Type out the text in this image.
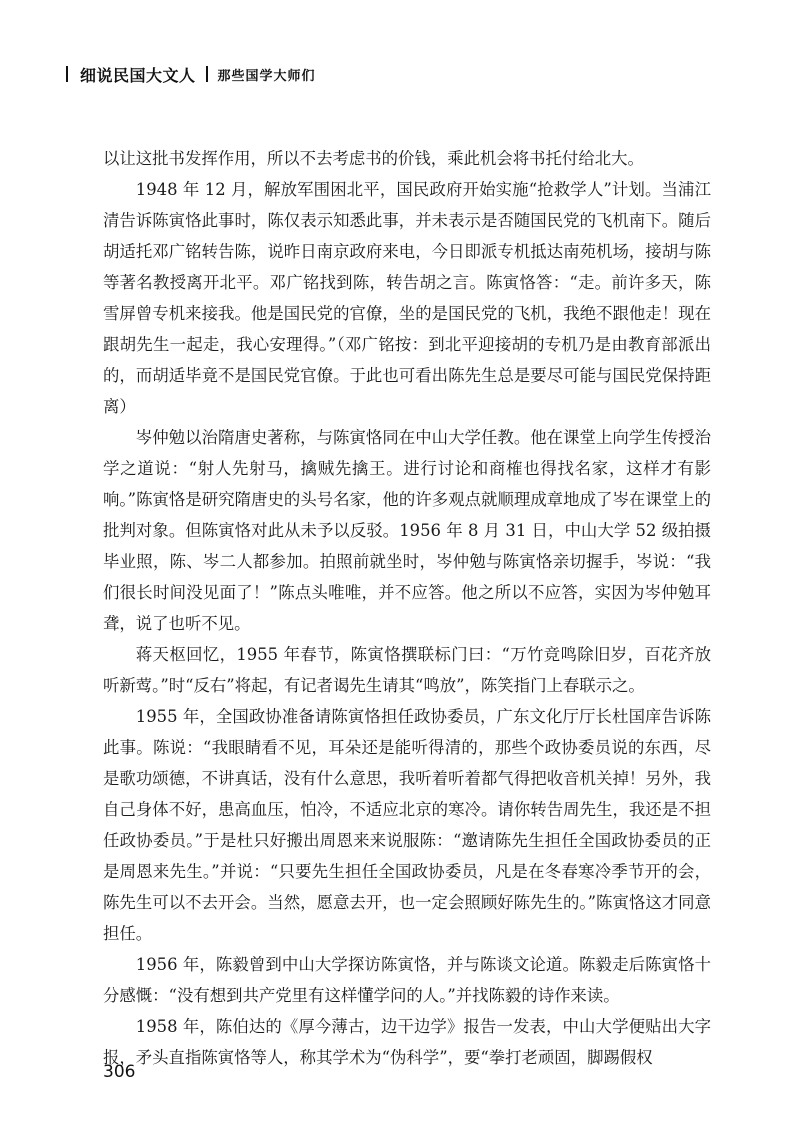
细说民国大文人 那些国学大师们

以让这批书发挥作用，所以不去考虑书的价钱，乘此机会将书托付给北大。

1948 年 12 月，解放军围困北平，国民政府开始实施“抢救学人”计划。当浦江清告诉陈寅恪此事时，陈仅表示知悉此事，并未表示是否随国民党的飞机南下。随后胡适托邓广铭转告陈，说昨日南京政府来电，今日即派专机抵达南苑机场，接胡与陈等著名教授离开北平。邓广铭找到陈，转告胡之言。陈寅恪答：“走。前许多天，陈雪屏曾专机来接我。他是国民党的官僚，坐的是国民党的飞机，我绝不跟他走！现在跟胡先生一起走，我心安理得。”（邓广铭按：到北平迎接胡的专机乃是由教育部派出的，而胡适毕竟不是国民党官僚。于此也可看出陈先生总是要尽可能与国民党保持距离）

岑仲勉以治隋唐史著称，与陈寅恪同在中山大学任教。他在课堂上向学生传授治学之道说：“射人先射马，擒贼先擒王。进行讨论和商榷也得找名家，这样才有影响。”陈寅恪是研究隋唐史的头号名家，他的许多观点就顺理成章地成了岑在课堂上的批判对象。但陈寅恪对此从未予以反驳。1956 年 8 月 31 日，中山大学 52 级拍摄毕业照，陈、岑二人都参加。拍照前就坐时，岑仲勉与陈寅恪亲切握手，岑说：“我们很长时间没见面了！”陈点头唯唯，并不应答。他之所以不应答，实因为岑仲勉耳聋，说了也听不见。

蒋天枢回忆，1955 年春节，陈寅恪撰联标门曰：“万竹竞鸣除旧岁，百花齐放听新莺。”时“反右”将起，有记者谒先生请其“鸣放”，陈笑指门上春联示之。

1955 年，全国政协准备请陈寅恪担任政协委员，广东文化厅厅长杜国庠告诉陈此事。陈说：“我眼睛看不见，耳朵还是能听得清的，那些个政协委员说的东西，尽是歌功颂德，不讲真话，没有什么意思，我听着听着都气得把收音机关掉！另外，我自己身体不好，患高血压，怕冷，不适应北京的寒冷。请你转告周先生，我还是不担任政协委员。”于是杜只好搬出周恩来来说服陈：“邀请陈先生担任全国政协委员的正是周恩来先生。”并说：“只要先生担任全国政协委员，凡是在冬春寒冷季节开的会，陈先生可以不去开会。当然，愿意去开，也一定会照顾好陈先生的。”陈寅恪这才同意担任。

1956 年，陈毅曾到中山大学探访陈寅恪，并与陈谈文论道。陈毅走后陈寅恪十分感慨：“没有想到共产党里有这样懂学问的人。”并找陈毅的诗作来读。

1958 年，陈伯达的《厚今薄古，边干边学》报告一发表，中山大学便贴出大字报，矛头直指陈寅恪等人，称其学术为“伪科学”，要“拳打老顽固，脚踢假权

306
